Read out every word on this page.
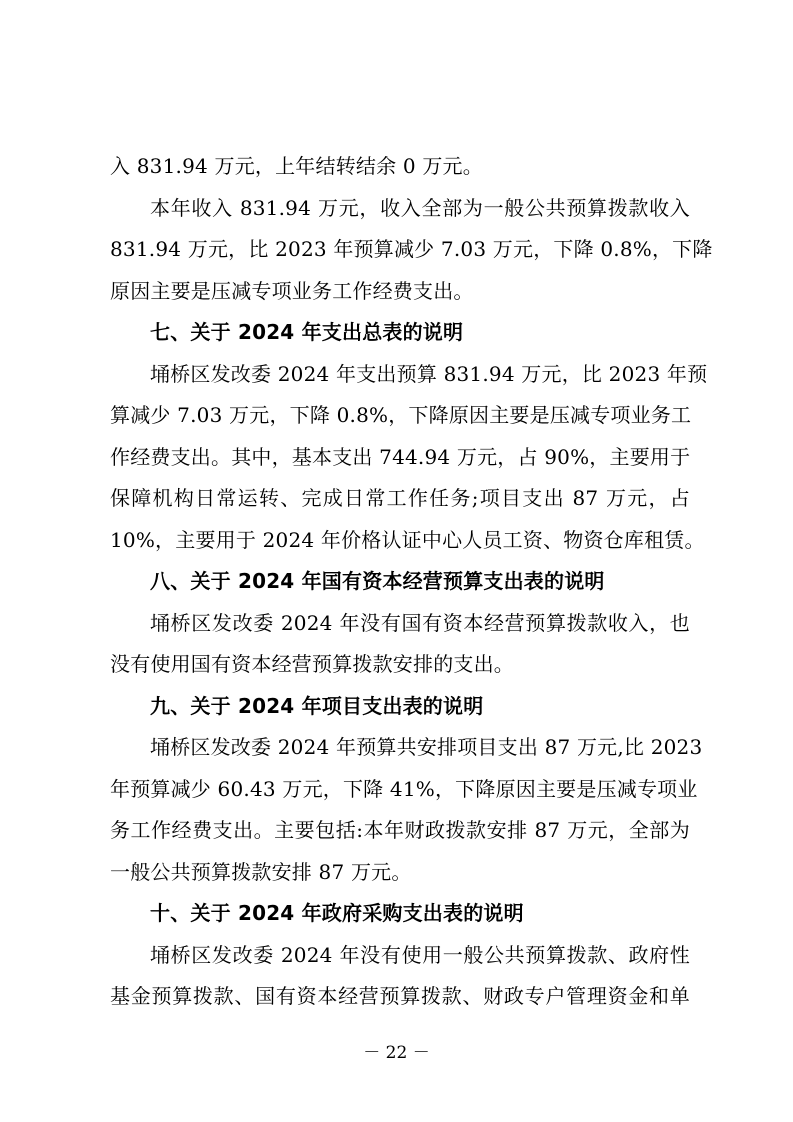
入 831.94 万元，上年结转结余 0 万元。
本年收入 831.94 万元，收入全部为一般公共预算拨款收入
831.94 万元，比 2023 年预算减少 7.03 万元，下降 0.8%，下降
原因主要是压减专项业务工作经费支出。
七、关于 2024 年支出总表的说明
埇桥区发改委 2024 年支出预算 831.94 万元，比 2023 年预
算减少 7.03 万元，下降 0.8%，下降原因主要是压减专项业务工
作经费支出。其中，基本支出 744.94 万元，占 90%，主要用于
保障机构日常运转、完成日常工作任务;项目支出 87 万元，占
10%，主要用于 2024 年价格认证中心人员工资、物资仓库租赁。
八、关于 2024 年国有资本经营预算支出表的说明
埇桥区发改委 2024 年没有国有资本经营预算拨款收入，也
没有使用国有资本经营预算拨款安排的支出。
九、关于 2024 年项目支出表的说明
埇桥区发改委 2024 年预算共安排项目支出 87 万元,比 2023
年预算减少 60.43 万元，下降 41%，下降原因主要是压减专项业
务工作经费支出。主要包括:本年财政拨款安排 87 万元，全部为
一般公共预算拨款安排 87 万元。
十、关于 2024 年政府采购支出表的说明
埇桥区发改委 2024 年没有使用一般公共预算拨款、政府性
基金预算拨款、国有资本经营预算拨款、财政专户管理资金和单
－ 22 －
